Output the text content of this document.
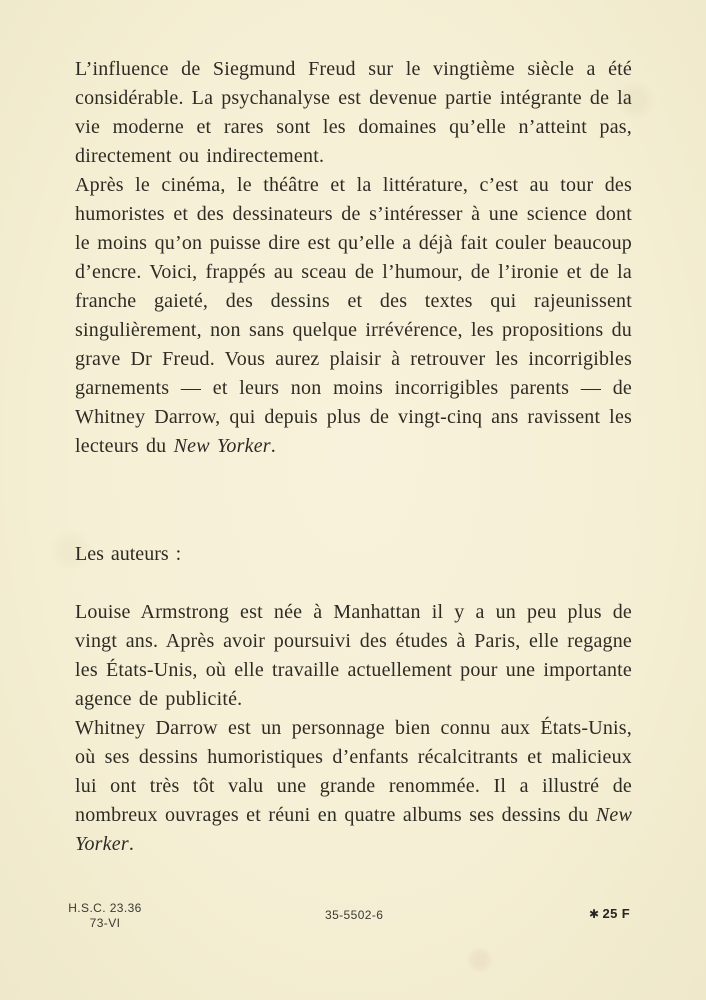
L’influence de Siegmund Freud sur le vingtième siècle a été considérable. La psychanalyse est devenue partie intégrante de la vie moderne et rares sont les domaines qu’elle n’atteint pas, directement ou indirectement.

Après le cinéma, le théâtre et la littérature, c’est au tour des humoristes et des dessinateurs de s’intéresser à une science dont le moins qu’on puisse dire est qu’elle a déjà fait couler beaucoup d’encre. Voici, frappés au sceau de l’humour, de l’ironie et de la franche gaieté, des dessins et des textes qui rajeunissent singulièrement, non sans quelque irrévérence, les propositions du grave Dr Freud. Vous aurez plaisir à retrouver les incorrigibles garnements — et leurs non moins incorrigibles parents — de Whitney Darrow, qui depuis plus de vingt-cinq ans ravissent les lecteurs du New Yorker.

Les auteurs :

Louise Armstrong est née à Manhattan il y a un peu plus de vingt ans. Après avoir poursuivi des études à Paris, elle regagne les États-Unis, où elle travaille actuellement pour une importante agence de publicité.

Whitney Darrow est un personnage bien connu aux États-Unis, où ses dessins humoristiques d’enfants récalcitrants et malicieux lui ont très tôt valu une grande renommée. Il a illustré de nombreux ouvrages et réuni en quatre albums ses dessins du New Yorker.

H.S.C. 23.36
73-VI
35-5502-6	✱ 25 F
